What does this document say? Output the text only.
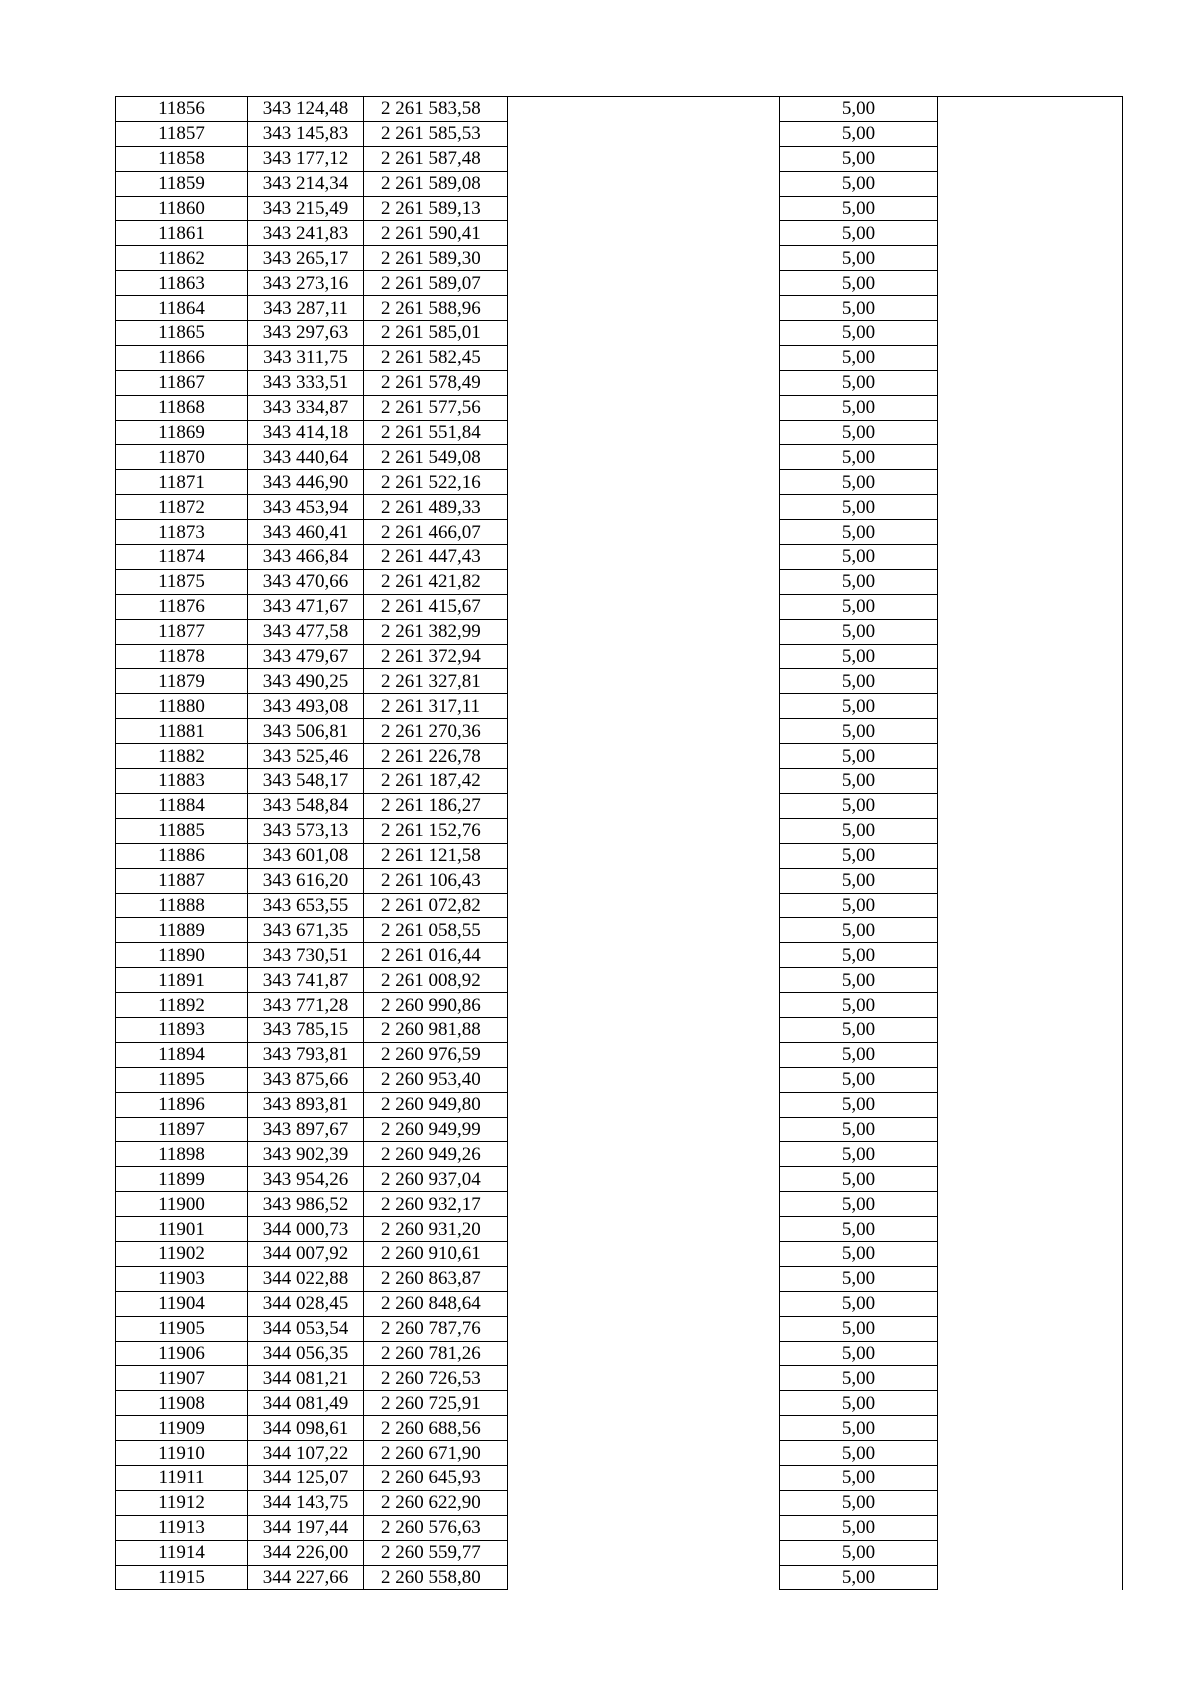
11856	343 124,48	2 261 583,58		5,00	
11857	343 145,83	2 261 585,53		5,00	
11858	343 177,12	2 261 587,48		5,00	
11859	343 214,34	2 261 589,08		5,00	
11860	343 215,49	2 261 589,13		5,00	
11861	343 241,83	2 261 590,41		5,00	
11862	343 265,17	2 261 589,30		5,00	
11863	343 273,16	2 261 589,07		5,00	
11864	343 287,11	2 261 588,96		5,00	
11865	343 297,63	2 261 585,01		5,00	
11866	343 311,75	2 261 582,45		5,00	
11867	343 333,51	2 261 578,49		5,00	
11868	343 334,87	2 261 577,56		5,00	
11869	343 414,18	2 261 551,84		5,00	
11870	343 440,64	2 261 549,08		5,00	
11871	343 446,90	2 261 522,16		5,00	
11872	343 453,94	2 261 489,33		5,00	
11873	343 460,41	2 261 466,07		5,00	
11874	343 466,84	2 261 447,43		5,00	
11875	343 470,66	2 261 421,82		5,00	
11876	343 471,67	2 261 415,67		5,00	
11877	343 477,58	2 261 382,99		5,00	
11878	343 479,67	2 261 372,94		5,00	
11879	343 490,25	2 261 327,81		5,00	
11880	343 493,08	2 261 317,11		5,00	
11881	343 506,81	2 261 270,36		5,00	
11882	343 525,46	2 261 226,78		5,00	
11883	343 548,17	2 261 187,42		5,00	
11884	343 548,84	2 261 186,27		5,00	
11885	343 573,13	2 261 152,76		5,00	
11886	343 601,08	2 261 121,58		5,00	
11887	343 616,20	2 261 106,43		5,00	
11888	343 653,55	2 261 072,82		5,00	
11889	343 671,35	2 261 058,55		5,00	
11890	343 730,51	2 261 016,44		5,00	
11891	343 741,87	2 261 008,92		5,00	
11892	343 771,28	2 260 990,86		5,00	
11893	343 785,15	2 260 981,88		5,00	
11894	343 793,81	2 260 976,59		5,00	
11895	343 875,66	2 260 953,40		5,00	
11896	343 893,81	2 260 949,80		5,00	
11897	343 897,67	2 260 949,99		5,00	
11898	343 902,39	2 260 949,26		5,00	
11899	343 954,26	2 260 937,04		5,00	
11900	343 986,52	2 260 932,17		5,00	
11901	344 000,73	2 260 931,20		5,00	
11902	344 007,92	2 260 910,61		5,00	
11903	344 022,88	2 260 863,87		5,00	
11904	344 028,45	2 260 848,64		5,00	
11905	344 053,54	2 260 787,76		5,00	
11906	344 056,35	2 260 781,26		5,00	
11907	344 081,21	2 260 726,53		5,00	
11908	344 081,49	2 260 725,91		5,00	
11909	344 098,61	2 260 688,56		5,00	
11910	344 107,22	2 260 671,90		5,00	
11911	344 125,07	2 260 645,93		5,00	
11912	344 143,75	2 260 622,90		5,00	
11913	344 197,44	2 260 576,63		5,00	
11914	344 226,00	2 260 559,77		5,00	
11915	344 227,66	2 260 558,80		5,00	
